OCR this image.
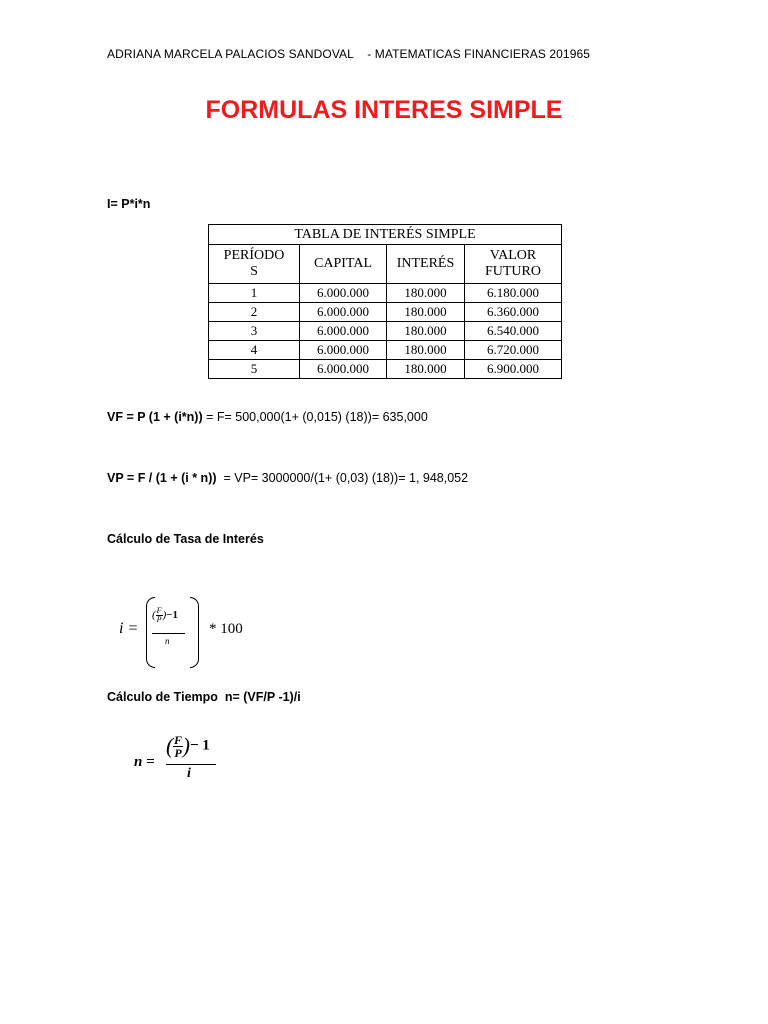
ADRIANA MARCELA PALACIOS SANDOVAL    - MATEMATICAS FINANCIERAS 201965
FORMULAS INTERES SIMPLE
I= P*i*n
TABLA DE INTERÉS SIMPLE			
PERÍODO
S	CAPITAL	INTERÉS	VALOR
FUTURO
1	6.000.000	180.000	6.180.000
2	6.000.000	180.000	6.360.000
3	6.000.000	180.000	6.540.000
4	6.000.000	180.000	6.720.000
5	6.000.000	180.000	6.900.000
VF = P (1 + (i*n)) = F= 500,000(1+ (0,015) (18))= 635,000
VP = F / (1 + (i * n))  = VP= 3000000/(1+ (0,03) (18))= 1, 948,052
Cálculo de Tasa de Interés
i =
$(\frac{F}{P})-1$
n
* 100
Cálculo de Tiempo  n= (VF/P -1)/i
n =
$(\frac{F}{P})- 1$
i
